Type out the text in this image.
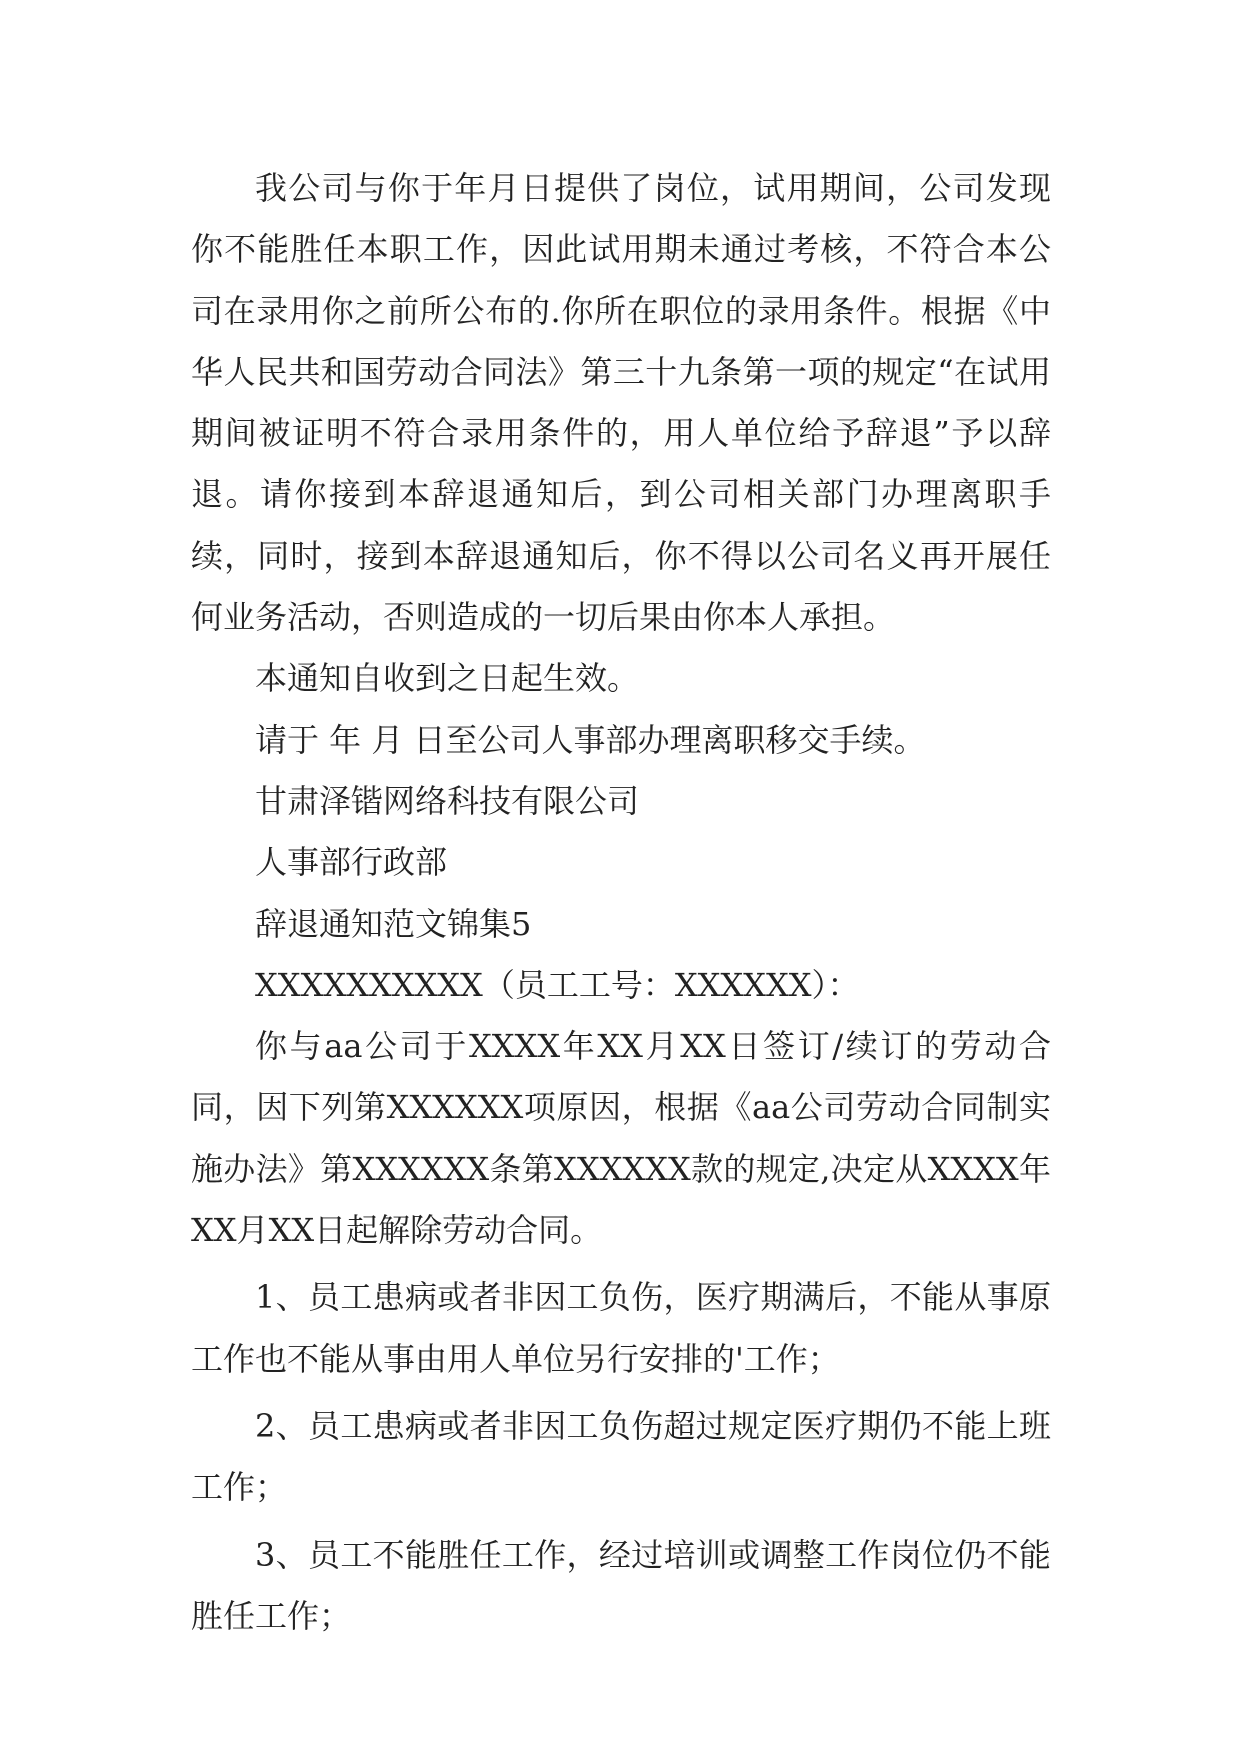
我公司与你于年月日提供了岗位，试用期间，公司发现你不能胜任本职工作，因此试用期未通过考核，不符合本公司在录用你之前所公布的.你所在职位的录用条件。根据《中华人民共和国劳动合同法》第三十九条第一项的规定“在试用期间被证明不符合录用条件的，用人单位给予辞退”予以辞退。请你接到本辞退通知后，到公司相关部门办理离职手续，同时，接到本辞退通知后，你不得以公司名义再开展任何业务活动，否则造成的一切后果由你本人承担。

本通知自收到之日起生效。

请于 年 月 日至公司人事部办理离职移交手续。

甘肃泽锴网络科技有限公司

人事部行政部

辞退通知范文锦集5

XXXXXXXXXX（员工工号：XXXXXX）：

你与aa公司于XXXX年XX月XX日签订/续订的劳动合同，因下列第XXXXXX项原因，根据《aa公司劳动合同制实施办法》第XXXXXX条第XXXXXX款的规定,决定从XXXX年XX月XX日起解除劳动合同。

1、员工患病或者非因工负伤，医疗期满后，不能从事原工作也不能从事由用人单位另行安排的'工作；

2、员工患病或者非因工负伤超过规定医疗期仍不能上班工作；

3、员工不能胜任工作，经过培训或调整工作岗位仍不能胜任工作；
